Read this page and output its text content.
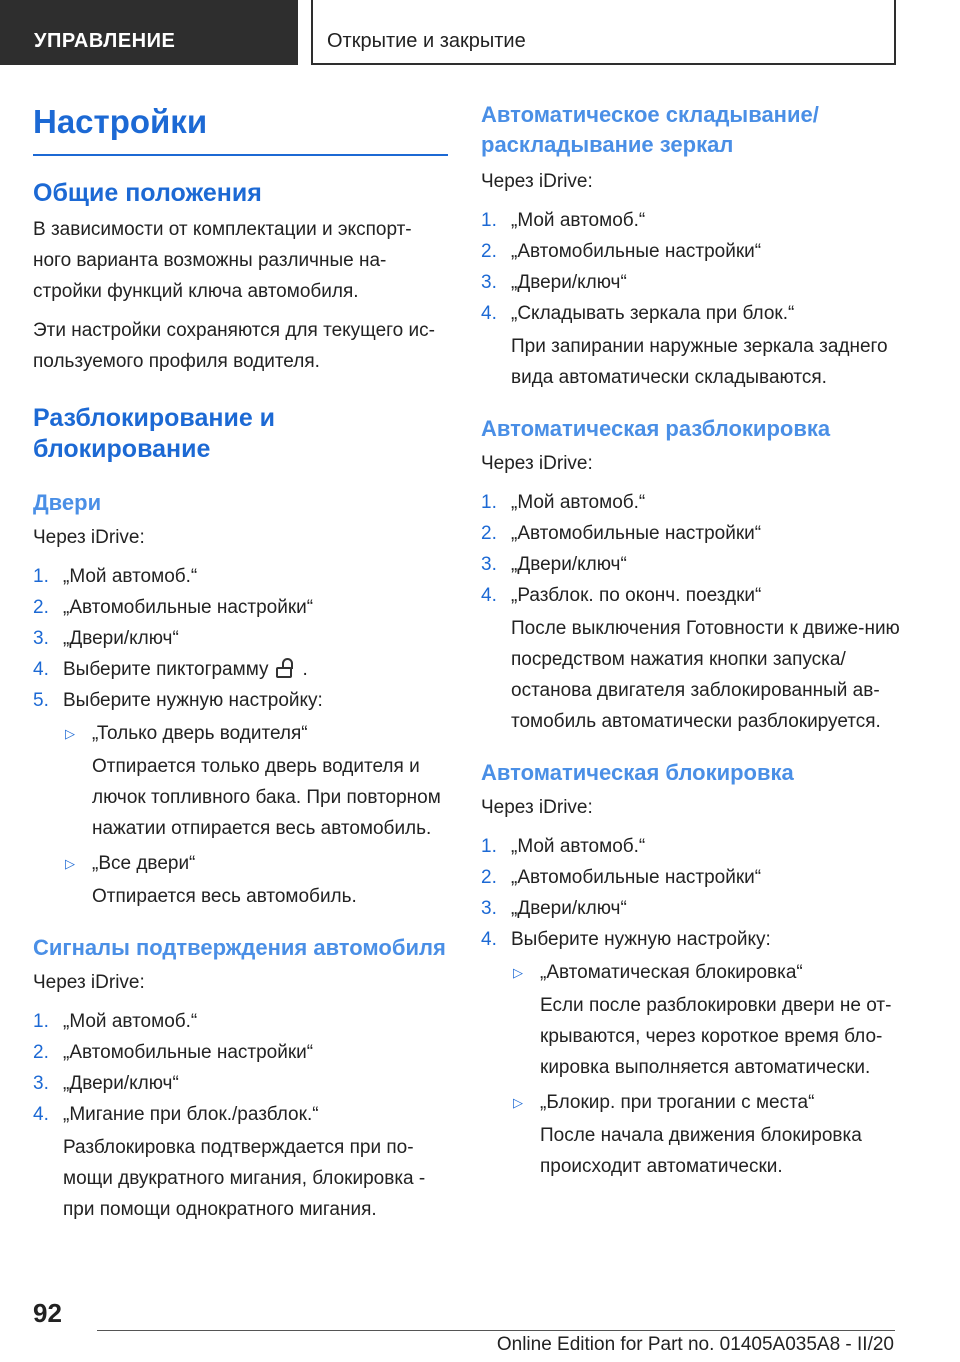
УПРАВЛЕНИЕ	Открытие и закрытие
Настройки
Общие положения
В зависимости от комплектации и экспорт-ного варианта возможны различные на-стройки функций ключа автомобиля.
Эти настройки сохраняются для текущего ис-пользуемого профиля водителя.
Разблокирование и блокирование
Двери
Через iDrive:
1. „Мой автомоб.“
2. „Автомобильные настройки“
3. „Двери/ключ“
4. Выберите пиктограмму .
5. Выберите нужную настройку:
▷ „Только дверь водителя“
Отпирается только дверь водителя и лючок топливного бака. При повторном нажатии отпирается весь автомобиль.
▷ „Все двери“
Отпирается весь автомобиль.
Сигналы подтверждения автомобиля
Через iDrive:
1. „Мой автомоб.“
2. „Автомобильные настройки“
3. „Двери/ключ“
4. „Мигание при блок./разблок.“
Разблокировка подтверждается при по-мощи двукратного мигания, блокировка - при помощи однократного мигания.
Автоматическое складывание/ раскладывание зеркал
Через iDrive:
1. „Мой автомоб.“
2. „Автомобильные настройки“
3. „Двери/ключ“
4. „Складывать зеркала при блок.“
При запирании наружные зеркала заднего вида автоматически складываются.
Автоматическая разблокировка
Через iDrive:
1. „Мой автомоб.“
2. „Автомобильные настройки“
3. „Двери/ключ“
4. „Разблок. по оконч. поездки“
После выключения Готовности к движе-нию посредством нажатия кнопки запуска/ останова двигателя заблокированный ав-томобиль автоматически разблокируется.
Автоматическая блокировка
Через iDrive:
1. „Мой автомоб.“
2. „Автомобильные настройки“
3. „Двери/ключ“
4. Выберите нужную настройку:
▷ „Автоматическая блокировка“
Если после разблокировки двери не от-крываются, через короткое время бло-кировка выполняется автоматически.
▷ „Блокир. при трогании с места“
После начала движения блокировка происходит автоматически.
92
Online Edition for Part no. 01405A035A8 - II/20
